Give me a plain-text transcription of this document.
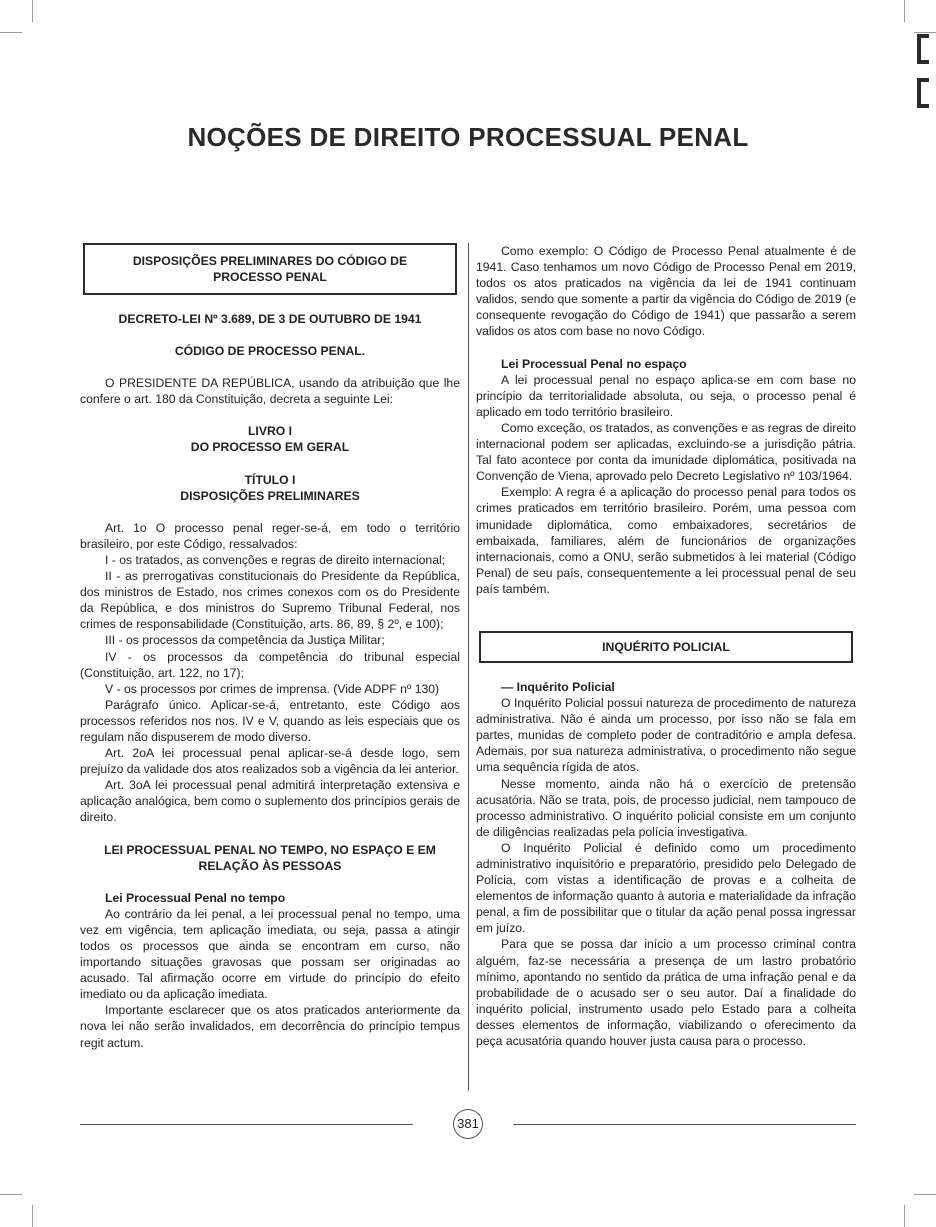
NOÇÕES DE DIREITO PROCESSUAL PENAL
DISPOSIÇÕES PRELIMINARES DO CÓDIGO DE PROCESSO PENAL

DECRETO-LEI Nº 3.689, DE 3 DE OUTUBRO DE 1941

CÓDIGO DE PROCESSO PENAL.

O PRESIDENTE DA REPÚBLICA, usando da atribuição que lhe confere o art. 180 da Constituição, decreta a seguinte Lei:

LIVRO I

DO PROCESSO EM GERAL

TÍTULO I

DISPOSIÇÕES PRELIMINARES

Art. 1o O processo penal reger-se-á, em todo o território brasileiro, por este Código, ressalvados:

I - os tratados, as convenções e regras de direito internacional;

II - as prerrogativas constitucionais do Presidente da República, dos ministros de Estado, nos crimes conexos com os do Presidente da República, e dos ministros do Supremo Tribunal Federal, nos crimes de responsabilidade (Constituição, arts. 86, 89, § 2º, e 100);

III - os processos da competência da Justiça Militar;

IV - os processos da competência do tribunal especial (Constituição, art. 122, no 17);

V - os processos por crimes de imprensa. (Vide ADPF nº 130)

Parágrafo único. Aplicar-se-á, entretanto, este Código aos processos referidos nos nos. IV e V, quando as leis especiais que os regulam não dispuserem de modo diverso.

Art. 2oA lei processual penal aplicar-se-á desde logo, sem prejuízo da validade dos atos realizados sob a vigência da lei anterior.

Art. 3oA lei processual penal admitirá interpretação extensiva e aplicação analógica, bem como o suplemento dos princípios gerais de direito.

LEI PROCESSUAL PENAL NO TEMPO, NO ESPAÇO E EM RELAÇÃO ÀS PESSOAS

Lei Processual Penal no tempo

Ao contrário da lei penal, a lei processual penal no tempo, uma vez em vigência, tem aplicação imediata, ou seja, passa a atingir todos os processos que ainda se encontram em curso, não importando situações gravosas que possam ser originadas ao acusado. Tal afirmação ocorre em virtude do princípio do efeito imediato ou da aplicação imediata.

Importante esclarecer que os atos praticados anteriormente da nova lei não serão invalidados, em decorrência do princípio tempus regit actum.

Como exemplo: O Código de Processo Penal atualmente é de 1941. Caso tenhamos um novo Código de Processo Penal em 2019, todos os atos praticados na vigência da lei de 1941 continuam validos, sendo que somente a partir da vigência do Código de 2019 (e consequente revogação do Código de 1941) que passarão a serem validos os atos com base no novo Código.

Lei Processual Penal no espaço

A lei processual penal no espaço aplica-se em com base no princípio da territorialidade absoluta, ou seja, o processo penal é aplicado em todo território brasileiro.

Como exceção, os tratados, as convenções e as regras de direito internacional podem ser aplicadas, excluindo-se a jurisdição pátria. Tal fato acontece por conta da imunidade diplomática, positivada na Convenção de Viena, aprovado pelo Decreto Legislativo nº 103/1964.

Exemplo: A regra é a aplicação do processo penal para todos os crimes praticados em território brasileiro. Porém, uma pessoa com imunidade diplomática, como embaixadores, secretários de embaixada, familiares, além de funcionários de organizações internacionais, como a ONU, serão submetidos à lei material (Código Penal) de seu país, consequentemente a lei processual penal de seu país também.

INQUÉRITO POLICIAL

— Inquérito Policial

O Inquérito Policial possui natureza de procedimento de natureza administrativa. Não é ainda um processo, por isso não se fala em partes, munidas de completo poder de contraditório e ampla defesa. Ademais, por sua natureza administrativa, o procedimento não segue uma sequência rígida de atos.

Nesse momento, ainda não há o exercício de pretensão acusatória. Não se trata, pois, de processo judicial, nem tampouco de processo administrativo. O inquérito policial consiste em um conjunto de diligências realizadas pela polícia investigativa.

O Inquérito Policial é definido como um procedimento administrativo inquisitório e preparatório, presidido pelo Delegado de Polícia, com vistas a identificação de provas e a colheita de elementos de informação quanto à autoria e materialidade da infração penal, a fim de possibilitar que o titular da ação penal possa ingressar em juízo.

Para que se possa dar início a um processo criminal contra alguém, faz-se necessária a presença de um lastro probatório mínimo, apontando no sentido da prática de uma infração penal e da probabilidade de o acusado ser o seu autor. Daí a finalidade do inquérito policial, instrumento usado pelo Estado para a colheita desses elementos de informação, viabilizando o oferecimento da peça acusatória quando houver justa causa para o processo.

381
